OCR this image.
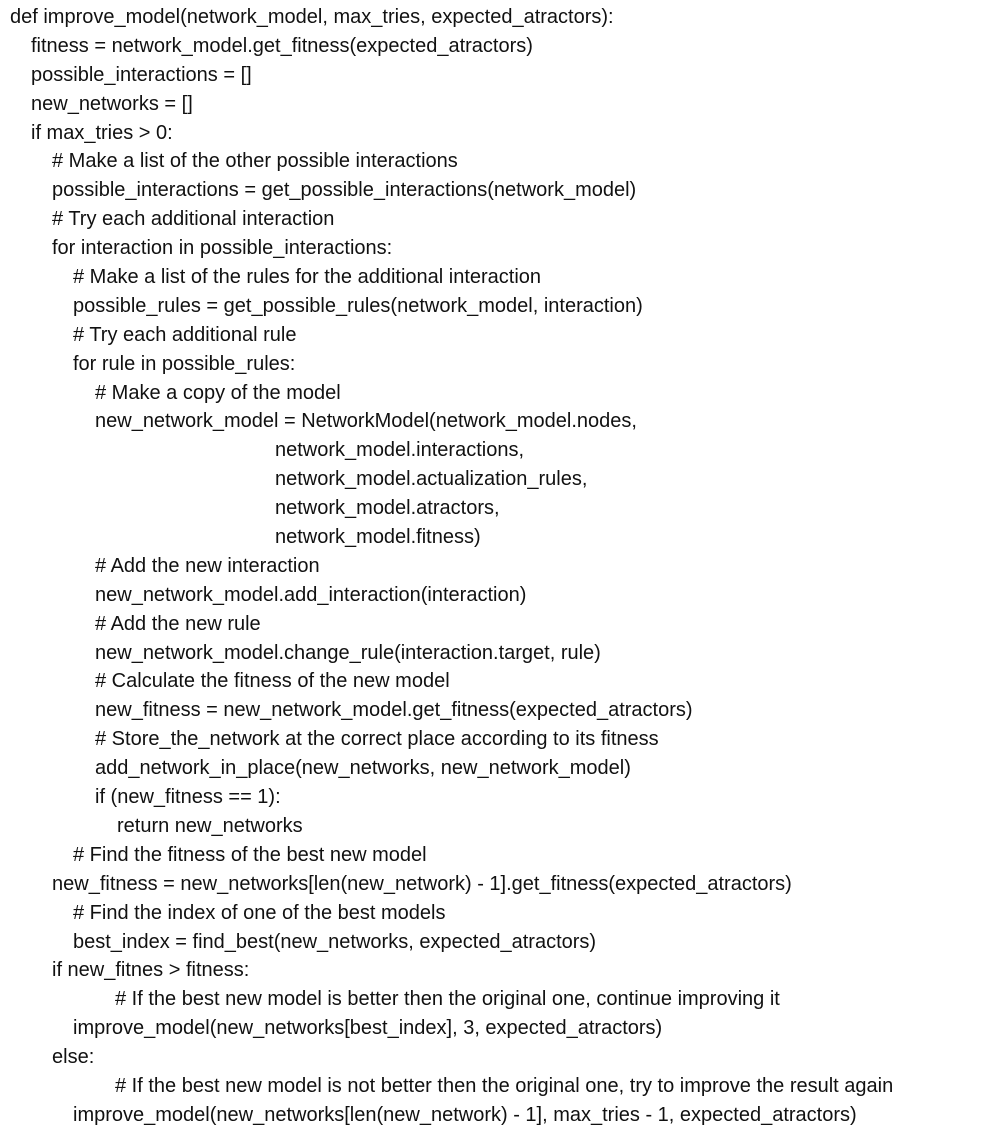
def improve_model(network_model, max_tries, expected_atractors):
fitness = network_model.get_fitness(expected_atractors)
possible_interactions = []
new_networks = []
if max_tries > 0:
# Make a list of the other possible interactions
possible_interactions = get_possible_interactions(network_model)
# Try each additional interaction
for interaction in possible_interactions:
# Make a list of the rules for the additional interaction
possible_rules = get_possible_rules(network_model, interaction)
# Try each additional rule
for rule in possible_rules:
# Make a copy of the model
new_network_model = NetworkModel(network_model.nodes,
network_model.interactions,
network_model.actualization_rules,
network_model.atractors,
network_model.fitness)
# Add the new interaction
new_network_model.add_interaction(interaction)
# Add the new rule
new_network_model.change_rule(interaction.target, rule)
# Calculate the fitness of the new model
new_fitness = new_network_model.get_fitness(expected_atractors)
# Store_the_network at the correct place according to its fitness
add_network_in_place(new_networks, new_network_model)
if (new_fitness == 1):
return new_networks
# Find the fitness of the best new model
new_fitness = new_networks[len(new_network) - 1].get_fitness(expected_atractors)
# Find the index of one of the best models
best_index = find_best(new_networks, expected_atractors)
if new_fitnes > fitness:
# If the best new model is better then the original one, continue improving it
improve_model(new_networks[best_index], 3, expected_atractors)
else:
# If the best new model is not better then the original one, try to improve the result again
improve_model(new_networks[len(new_network) - 1], max_tries - 1, expected_atractors)
